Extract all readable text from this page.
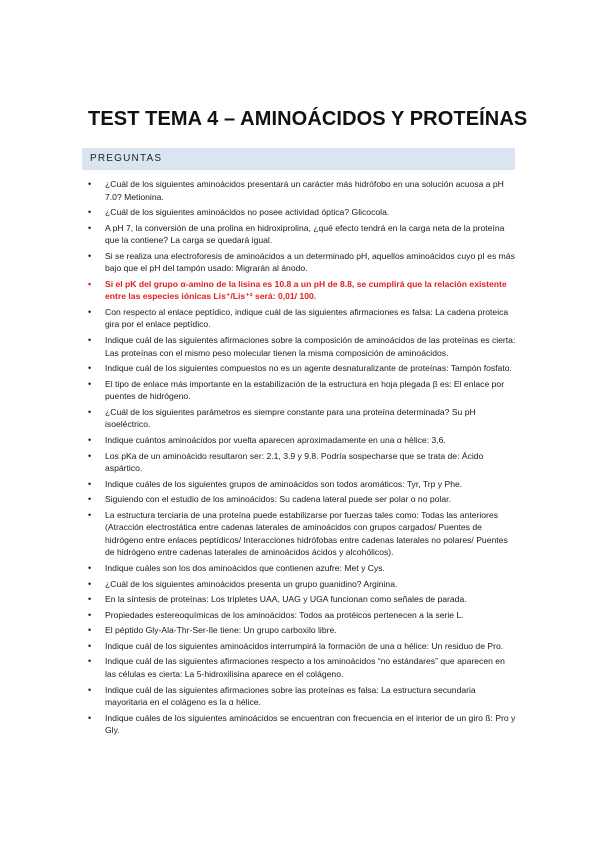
TEST TEMA 4 – AMINOÁCIDOS Y PROTEÍNAS
PREGUNTAS
• ¿Cuál de los siguientes aminoácidos presentará un carácter más hidrófobo en una solución acuosa a pH 7.0? Metionina.
• ¿Cuál de los siguientes aminoácidos no posee actividad óptica? Glicocola.
• A pH 7, la conversión de una prolina en hidroxiprolina, ¿qué efecto tendrá en la carga neta de la proteína que la contiene? La carga se quedará igual.
• Si se realiza una electroforesis de aminoácidos a un determinado pH, aquellos aminoácidos cuyo pI es más bajo que el pH del tampón usado: Migrarán al ánodo.
• Si el pK del grupo α-amino de la lisina es 10.8 a un pH de 8.8, se cumplirá que la relación existente entre las especies iónicas Lis⁺/Lis⁺² será: 0,01/ 100.
• Con respecto al enlace peptídico, indique cuál de las siguientes afirmaciones es falsa: La cadena proteica gira por el enlace peptídico.
• Indique cuál de las siguientes afirmaciones sobre la composición de aminoácidos de las proteínas es cierta: Las proteínas con el mismo peso molecular tienen la misma composición de aminoácidos.
• Indique cuál de los siguientes compuestos no es un agente desnaturalizante de proteínas: Tampón fosfato.
• El tipo de enlace más importante en la estabilización de la estructura en hoja plegada β es: El enlace por puentes de hidrógeno.
• ¿Cuál de los siguientes parámetros es siempre constante para una proteína determinada? Su pH isoeléctrico.
• Indique cuántos aminoácidos por vuelta aparecen aproximadamente en una α hélice: 3,6.
• Los pKa de un aminoácido resultaron ser: 2.1, 3.9 y 9.8. Podría sospecharse que se trata de: Ácido aspártico.
• Indique cuáles de los siguientes grupos de aminoácidos son todos aromáticos: Tyr, Trp y Phe.
• Siguiendo con el estudio de los aminoácidos: Su cadena lateral puede ser polar o no polar.
• La estructura terciaria de una proteína puede estabilizarse por fuerzas tales como: Todas las anteriores (Atracción electrostática entre cadenas laterales de aminoácidos con grupos cargados/ Puentes de hidrógeno entre enlaces peptídicos/ Interacciones hidrófobas entre cadenas laterales no polares/ Puentes de hidrógeno entre cadenas laterales de aminoácidos ácidos y alcohólicos).
• Indique cuáles son los dos aminoácidos que contienen azufre: Met y Cys.
• ¿Cuál de los siguientes aminoácidos presenta un grupo guanidino? Arginina.
• En la síntesis de proteínas: Los tripletes UAA, UAG y UGA funcionan como señales de parada.
• Propiedades estereoquímicas de los aminoácidos: Todos aa protéicos pertenecen a la serie L.
• El péptido Gly-Ala-Thr-Ser-Ile tiene: Un grupo carboxilo libre.
• Indique cuál de los siguientes aminoácidos interrumpirá la formación de una α hélice: Un residuo de Pro.
• Indique cuál de las siguientes afirmaciones respecto a los aminoácidos “no estándares” que aparecen en las células es cierta: La 5-hidroxilisina aparece en el colágeno.
• Indique cuál de las siguientes afirmaciones sobre las proteínas es falsa: La estructura secundaria mayoritaria en el colágeno es la α hélice.
• Indique cuáles de los siguientes aminoácidos se encuentran con frecuencia en el interior de un giro ß: Pro y Gly.
